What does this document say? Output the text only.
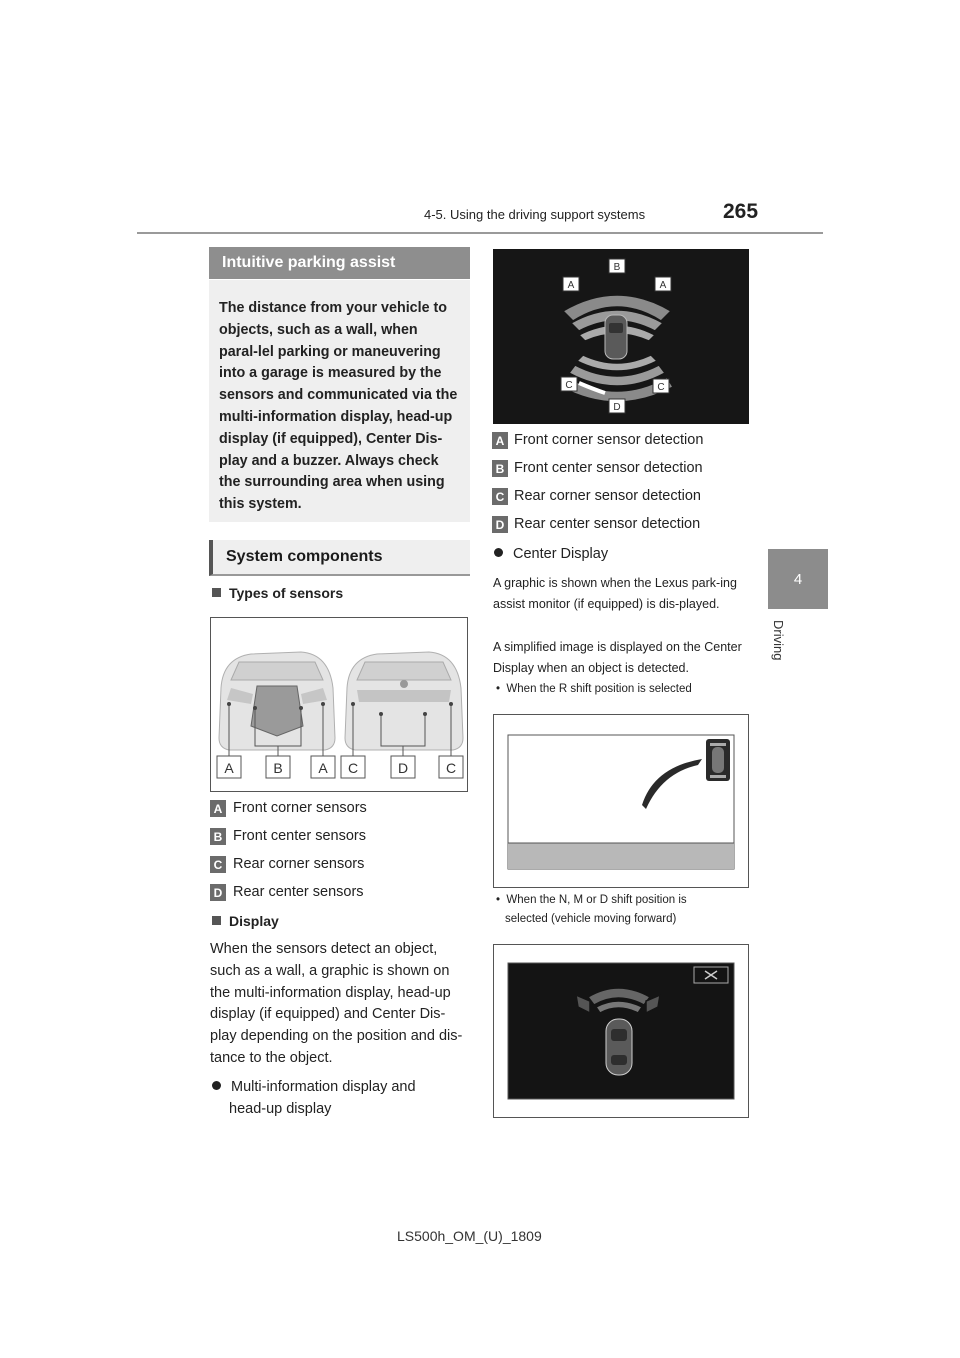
4-5. Using the driving support systems	265
4
Driving
Intuitive parking assist
The distance from your vehicle to objects, such as a wall, when paral-lel parking or maneuvering into a garage is measured by the sensors and communicated via the multi-information display, head-up display (if equipped), Center Dis-play and a buzzer. Always check the surrounding area when using this system.
System components
Types of sensors
A	B	A C	D	C
A Front corner sensors
B Front center sensors
C Rear corner sensors
D Rear center sensors
Display
When the sensors detect an object, such as a wall, a graphic is shown on the multi-information display, head-up display (if equipped) and Center Dis-play depending on the position and dis-tance to the object.
Multi-information display and
head-up display
B
A	A
C	C
D
A Front corner sensor detection
B Front center sensor detection
C Rear corner sensor detection
D Rear center sensor detection
Center Display
A graphic is shown when the Lexus park-ing assist monitor (if equipped) is dis-played.
A simplified image is displayed on the Center Display when an object is detected.
•  When the R shift position is selected
•  When the N, M or D shift position is
selected (vehicle moving forward)
LS500h_OM_(U)_1809
